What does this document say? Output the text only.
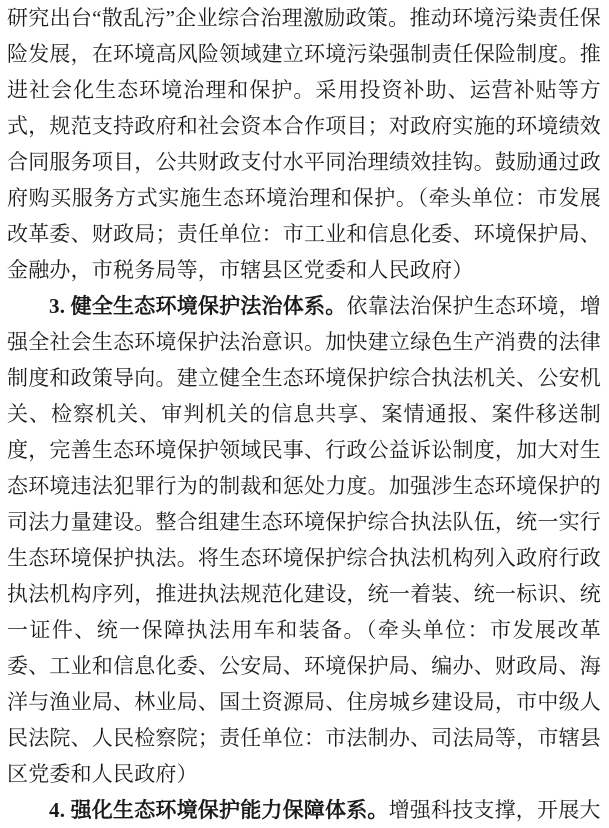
研究出台“散乱污”企业综合治理激励政策。推动环境污染责任保险发展，在环境高风险领域建立环境污染强制责任保险制度。推进社会化生态环境治理和保护。采用投资补助、运营补贴等方式，规范支持政府和社会资本合作项目；对政府实施的环境绩效合同服务项目，公共财政支付水平同治理绩效挂钩。鼓励通过政府购买服务方式实施生态环境治理和保护。（牵头单位：市发展改革委、财政局；责任单位：市工业和信息化委、环境保护局、金融办，市税务局等，市辖县区党委和人民政府）

3. 健全生态环境保护法治体系。依靠法治保护生态环境，增强全社会生态环境保护法治意识。加快建立绿色生产消费的法律制度和政策导向。建立健全生态环境保护综合执法机关、公安机关、检察机关、审判机关的信息共享、案情通报、案件移送制度，完善生态环境保护领域民事、行政公益诉讼制度，加大对生态环境违法犯罪行为的制裁和惩处力度。加强涉生态环境保护的司法力量建设。整合组建生态环境保护综合执法队伍，统一实行生态环境保护执法。将生态环境保护综合执法机构列入政府行政执法机构序列，推进执法规范化建设，统一着装、统一标识、统一证件、统一保障执法用车和装备。（牵头单位：市发展改革委、工业和信息化委、公安局、环境保护局、编办、财政局、海洋与渔业局、林业局、国土资源局、住房城乡建设局，市中级人民法院、人民检察院；责任单位：市法制办、司法局等，市辖县区党委和人民政府）

4. 强化生态环境保护能力保障体系。增强科技支撑，开展大
